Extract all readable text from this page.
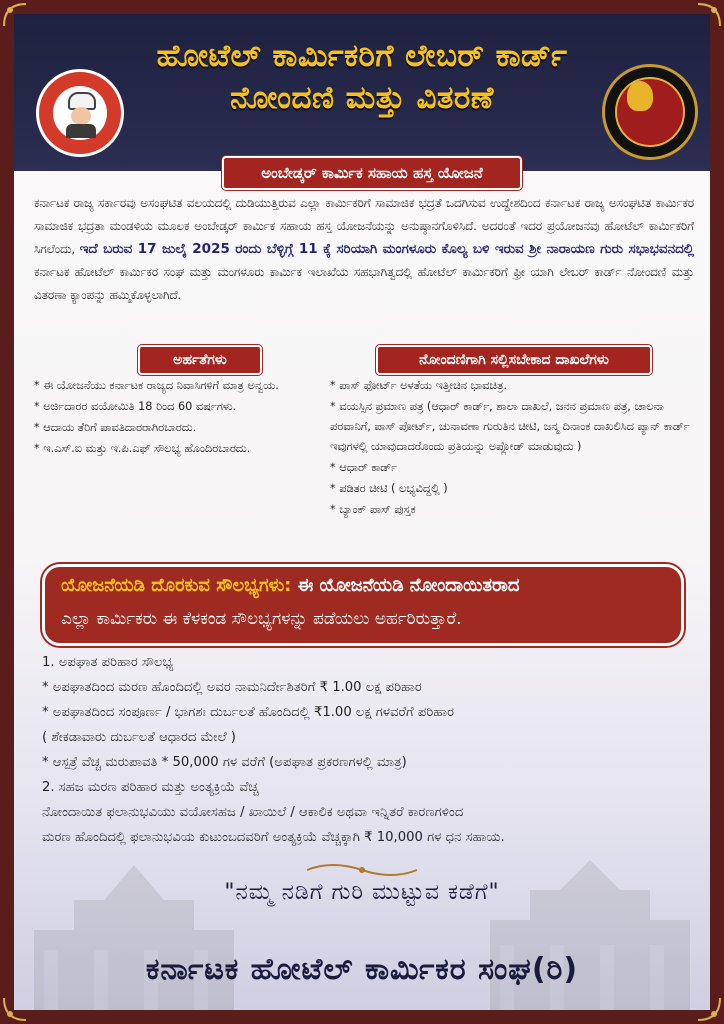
ಹೋಟೆಲ್ ಕಾರ್ಮಿಕರಿಗೆ ಲೇಬರ್ ಕಾರ್ಡ್
ನೋಂದಣಿ ಮತ್ತು ವಿತರಣೆ
ಅಂಬೇಡ್ಕರ್ ಕಾರ್ಮಿಕ ಸಹಾಯ ಹಸ್ತ ಯೋಜನೆ
ಕರ್ನಾಟಕ ರಾಜ್ಯ ಸರ್ಕಾರವು ಅಸಂಘಟಿತ ವಲಯದಲ್ಲಿ ದುಡಿಯುತ್ತಿರುವ ಎಲ್ಲಾ ಕಾರ್ಮಿಕರಿಗೆ ಸಾಮಾಜಿಕ ಭದ್ರತೆ ಒದಗಿಸುವ ಉದ್ದೇಶದಿಂದ ಕರ್ನಾಟಕ ರಾಜ್ಯ ಅಸಂಘಟಿತ ಕಾರ್ಮಿಕರ ಸಾಮಾಜಿಕ ಭದ್ರತಾ ಮಂಡಳಿಯ ಮೂಲಕ ಅಂಬೇಡ್ಕರ್ ಕಾರ್ಮಿಕ ಸಹಾಯ ಹಸ್ತ ಯೋಜನೆಯನ್ನು ಅನುಷ್ಠಾನಗೊಳಿಸಿದೆ. ಅದರಂತೆ ಇದರ ಪ್ರಯೋಜನವು ಹೋಟೆಲ್ ಕಾರ್ಮಿಕರಿಗೆ ಸಿಗಲೆಂದು, ಇದೆ ಬರುವ 17 ಜುಲೈ 2025 ರಂದು ಬೆಳ್ಳಿಗ್ಗೆ 11 ಕ್ಕೆ ಸರಿಯಾಗಿ ಮಂಗಳೂರು ಕೊಲ್ಯ ಬಳಿ ಇರುವ ಶ್ರೀ ನಾರಾಯಣ ಗುರು ಸಭಾಭವನದಲ್ಲಿ ಕರ್ನಾಟಕ ಹೋಟೆಲ್ ಕಾರ್ಮಿಕರ ಸಂಘ ಮತ್ತು ಮಂಗಳೂರು ಕಾರ್ಮಿಕ ಇಲಾಖೆಯ ಸಹಭಾಗಿತ್ವದಲ್ಲಿ ಹೋಟೆಲ್ ಕಾರ್ಮಿಕರಿಗೆ ಫ್ರೀ ಯಾಗಿ ಲೇಬರ್ ಕಾರ್ಡ್ ನೋಂದಣಿ ಮತ್ತು ವಿತರಣಾ ಕ್ಯಾಂಪನ್ನು ಹಮ್ಮಿಕೊಳ್ಳಲಾಗಿದೆ.
ಅರ್ಹತೆಗಳು	ನೋಂದಣಿಗಾಗಿ ಸಲ್ಲಿಸಬೇಕಾದ ದಾಖಲೆಗಳು
* ಈ ಯೋಜನೆಯು ಕರ್ನಾಟಕ ರಾಜ್ಯದ ನಿವಾಸಿಗಳಿಗೆ ಮಾತ್ರ ಅನ್ವಯ.
* ಅರ್ಜಿದಾರರ ವಯೋಮಿತಿ 18 ರಿಂದ 60 ವರ್ಷಗಳು.
* ಆದಾಯ ತೆರಿಗೆ ಪಾವತಿದಾರರಾಗಿರಬಾರದು.
* ಇ.ಎಸ್.ಐ ಮತ್ತು ಇ.ಪಿ.ಎಫ್ ಸೌಲಭ್ಯ ಹೊಂದಿರಬಾರದು.
* ಪಾಸ್ ಫೋರ್ಟ್ ಅಳತೆಯ ಇತ್ತೀಚಿನ ಭಾವಚಿತ್ರ.
* ವಯಸ್ಸಿನ ಪ್ರಮಾಣ ಪತ್ರ (ಆಧಾರ್ ಕಾರ್ಡ್, ಶಾಲಾ ದಾಖಲೆ, ಜನನ ಪ್ರಮಾಣ ಪತ್ರ, ಚಾಲನಾ ಪರವಾನಿಗೆ, ಪಾಸ್ ಪೋರ್ಟ್, ಚುನಾವಣಾ ಗುರುತಿನ ಚೀಟಿ, ಜನ್ಮ ದಿನಾಂಕ ದಾಖಲಿಸಿದ ಪ್ಯಾನ್ ಕಾರ್ಡ್ ಇವುಗಳಲ್ಲಿ ಯಾವುದಾದರೊಂದು ಪ್ರತಿಯನ್ನು ಅಪ್ಲೋಡ್ ಮಾಡುವುದು )
* ಆಧಾರ್ ಕಾರ್ಡ್
* ಪಡಿತರ ಚೀಟಿ ( ಲಭ್ಯವಿದ್ದಲ್ಲಿ )
* ಬ್ಯಾಂಕ್ ಪಾಸ್ ಪುಸ್ತಕ
ಯೋಜನೆಯಡಿ ದೊರಕುವ ಸೌಲಭ್ಯಗಳು: ಈ ಯೋಜನೆಯಡಿ ನೋಂದಾಯಿತರಾದ
ಎಲ್ಲಾ ಕಾರ್ಮಿಕರು ಈ ಕೆಳಕಂಡ ಸೌಲಭ್ಯಗಳನ್ನು ಪಡೆಯಲು ಅರ್ಹರಿರುತ್ತಾರೆ.
1. ಅಪಘಾತ ಪರಿಹಾರ ಸೌಲಭ್ಯ
* ಅಪಘಾತದಿಂದ ಮರಣ ಹೊಂದಿದಲ್ಲಿ ಅವರ ನಾಮನಿರ್ದೇಶಿತರಿಗೆ ₹ 1.00 ಲಕ್ಷ ಪರಿಹಾರ
* ಅಪಘಾತದಿಂದ ಸಂಪೂರ್ಣ / ಭಾಗಶಃ ದುರ್ಬಲತೆ ಹೊಂದಿದಲ್ಲಿ ₹1.00 ಲಕ್ಷ ಗಳವರೆಗೆ ಪರಿಹಾರ
( ಶೇಕಡಾವಾರು ದುರ್ಬಲತೆ ಆಧಾರದ ಮೇಲೆ )
* ಆಸ್ಪತ್ರೆ ವೆಚ್ಚ ಮರುಪಾವತಿ * 50,000 ಗಳ ವರೆಗೆ (ಅಪಘಾತ ಪ್ರಕರಣಗಳಲ್ಲಿ ಮಾತ್ರ)
2. ಸಹಜ ಮರಣ ಪರಿಹಾರ ಮತ್ತು ಅಂತ್ಯಕ್ರಿಯೆ ವೆಚ್ಚ
ನೋಂದಾಯಿತ ಫಲಾನುಭವಿಯು ವಯೋಸಹಜ / ಖಾಯಿಲೆ / ಆಕಾಲಿಕ ಅಥವಾ ಇನ್ನಿತರೆ ಕಾರಣಗಳಿಂದ
ಮರಣ ಹೊಂದಿದಲ್ಲಿ ಫಲಾನುಭವಿಯ ಕುಟುಂಬದವರಿಗೆ ಅಂತ್ಯಕ್ರಿಯೆ ವೆಚ್ಚಕ್ಕಾಗಿ ₹ 10,000 ಗಳ ಧನ ಸಹಾಯ.
"ನಮ್ಮ ನಡಿಗೆ ಗುರಿ ಮುಟ್ಟುವ ಕಡೆಗೆ"
ಕರ್ನಾಟಕ ಹೋಟೆಲ್ ಕಾರ್ಮಿಕರ ಸಂಘ(ರಿ)
